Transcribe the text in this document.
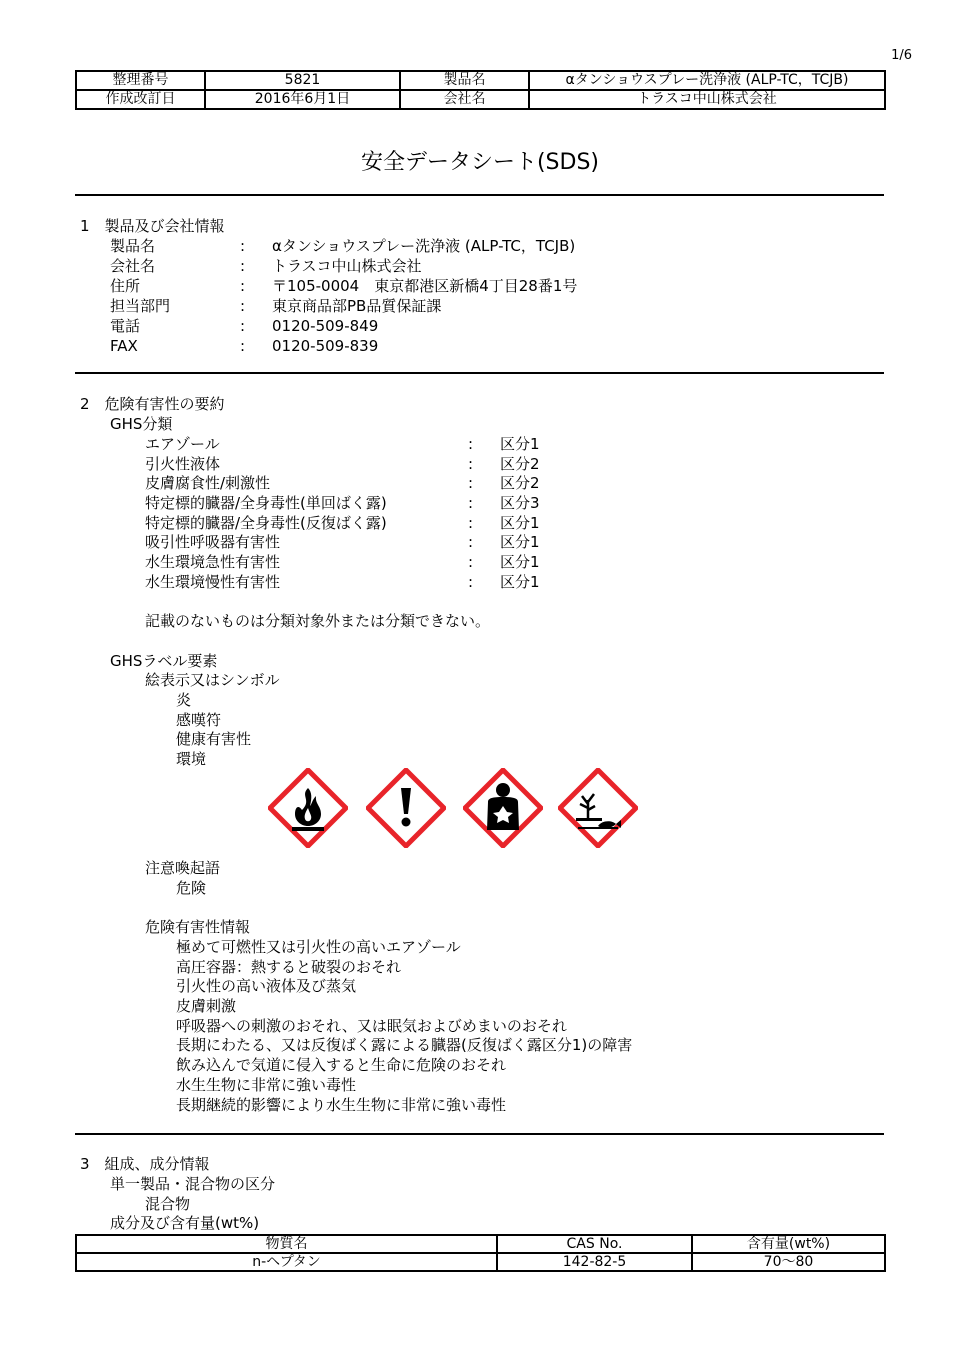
1/6
整理番号	5821	製品名	αタンショウスプレー洗浄液 (ALP-TC，TCJB)
作成改訂日	2016年6月1日	会社名	トラスコ中山株式会社
安全データシート(SDS)
1　製品及び会社情報
製品名	: αタンショウスプレー洗浄液 (ALP-TC，TCJB)
会社名	: トラスコ中山株式会社
住所	: 〒105-0004　東京都港区新橋4丁目28番1号
担当部門	: 東京商品部PB品質保証課
電話	: 0120-509-849
FAX	: 0120-509-839
2　危険有害性の要約
GHS分類
エアゾール	: 区分1
引火性液体	: 区分2
皮膚腐食性/刺激性	: 区分2
特定標的臓器/全身毒性(単回ばく露)	: 区分3
特定標的臓器/全身毒性(反復ばく露)	: 区分1
吸引性呼吸器有害性	: 区分1
水生環境急性有害性	: 区分1
水生環境慢性有害性	: 区分1
記載のないものは分類対象外または分類できない。
GHSラベル要素
絵表示又はシンボル
炎
感嘆符
健康有害性
環境
注意喚起語
危険
危険有害性情報
極めて可燃性又は引火性の高いエアゾール
高圧容器：熱すると破裂のおそれ
引火性の高い液体及び蒸気
皮膚刺激
呼吸器への刺激のおそれ、又は眠気およびめまいのおそれ
長期にわたる、又は反復ばく露による臓器(反復ばく露区分1)の障害
飲み込んで気道に侵入すると生命に危険のおそれ
水生生物に非常に強い毒性
長期継続的影響により水生生物に非常に強い毒性
3　組成、成分情報
単一製品・混合物の区分
混合物
成分及び含有量(wt%)
物質名	CAS No.	含有量(wt%)
n-ヘプタン	142-82-5	70〜80
